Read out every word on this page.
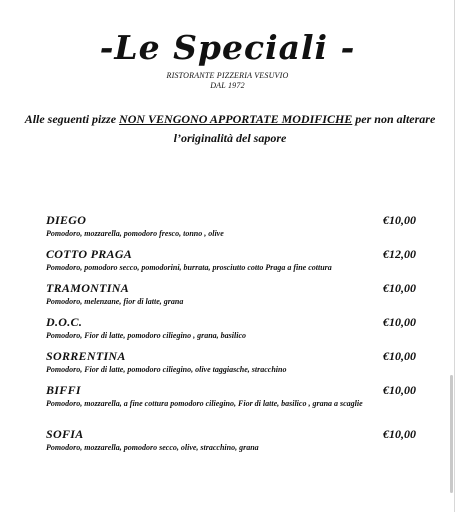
-Le Speciali -
RISTORANTE PIZZERIA VESUVIO
DAL 1972
Alle seguenti pizze NON VENGONO APPORTATE MODIFICHE per non alterare l’originalità del sapore
DIEGO	€10,00
Pomodoro, mozzarella, pomodoro fresco, tonno , olive
COTTO PRAGA	€12,00
Pomodoro, pomodoro secco, pomodorini, burrata, prosciutto cotto Praga a fine cottura
TRAMONTINA	€10,00
Pomodoro, melenzane, fior di latte, grana
D.O.C.	€10,00
Pomodoro, Fior di latte, pomodoro ciliegino , grana, basilico
SORRENTINA	€10,00
Pomodoro, Fior di latte, pomodoro ciliegino, olive taggiasche, stracchino
BIFFI	€10,00
Pomodoro, mozzarella, a fine cottura pomodoro ciliegino, Fior di latte, basilico , grana a scaglie
SOFIA	€10,00
Pomodoro, mozzarella, pomodoro secco, olive, stracchino, grana
